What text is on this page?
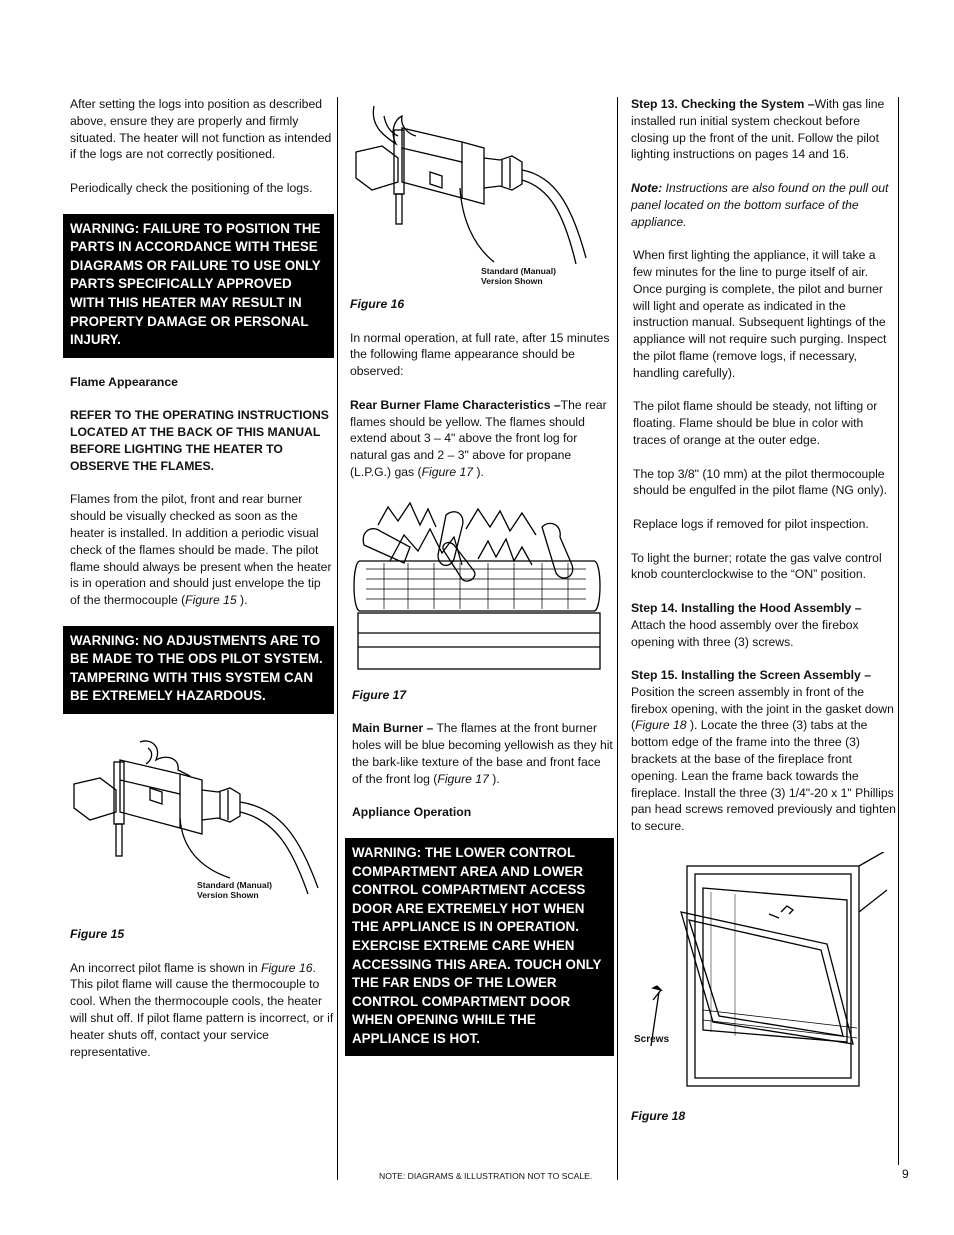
After setting the logs into position as described above, ensure they are properly and firmly situated. The heater will not function as intended if the logs are not correctly positioned.

Periodically check the positioning of the logs.

WARNING: FAILURE TO POSITION THE PARTS IN ACCORDANCE WITH THESE DIAGRAMS OR FAILURE TO USE ONLY PARTS SPECIFICALLY APPROVED WITH THIS HEATER MAY RESULT IN PROPERTY DAMAGE OR PERSONAL INJURY.

Flame Appearance

REFER TO THE OPERATING INSTRUCTIONS LOCATED AT THE BACK OF THIS MANUAL BEFORE LIGHTING THE HEATER TO OBSERVE THE FLAMES.

Flames from the pilot, front and rear burner should be visually checked as soon as the heater is installed. In addition a periodic visual check of the flames should be made. The pilot flame should always be present when the heater is in operation and should just envelope the tip of the thermocouple (Figure 15 ).

WARNING: NO ADJUSTMENTS ARE TO BE MADE TO THE ODS PILOT SYSTEM. TAMPERING WITH THIS SYSTEM CAN BE EXTREMELY HAZARDOUS.
Standard (Manual)
Version Shown

Figure 15

An incorrect pilot flame is shown in Figure 16. This pilot flame will cause the thermocouple to cool. When the thermocouple cools, the heater will shut off. If pilot flame pattern is incorrect, or if heater shuts off, contact your service representative.

Standard (Manual)
Version Shown

Figure 16

In normal operation, at full rate, after 15 minutes the following flame appearance should be observed:

Rear Burner Flame Characteristics –The rear flames should be yellow. The flames should extend about 3 – 4" above the front log for natural gas and 2 – 3" above for propane (L.P.G.) gas (Figure 17 ).

Figure 17

Main Burner – The flames at the front burner holes will be blue becoming yellowish as they hit the bark-like texture of the base and front face of the front log (Figure 17 ).

Appliance Operation

WARNING: THE LOWER CONTROL COMPARTMENT AREA AND LOWER CONTROL COMPARTMENT ACCESS DOOR ARE EXTREMELY HOT WHEN THE APPLIANCE IS IN OPERATION. EXERCISE EXTREME CARE WHEN ACCESSING THIS AREA. TOUCH ONLY THE FAR ENDS OF THE LOWER CONTROL COMPARTMENT DOOR WHEN OPENING WHILE THE APPLIANCE IS HOT.

Step 13. Checking the System –With gas line installed run initial system checkout before closing up the front of the unit. Follow the pilot lighting instructions on pages 14 and 16.

Note: Instructions are also found on the pull out panel located on the bottom surface of the appliance.

When first lighting the appliance, it will take a few minutes for the line to purge itself of air. Once purging is complete, the pilot and burner will light and operate as indicated in the instruction manual. Subsequent lightings of the appliance will not require such purging. Inspect the pilot flame (remove logs, if necessary, handling carefully).

The pilot flame should be steady, not lifting or floating. Flame should be blue in color with traces of orange at the outer edge.

The top 3/8" (10 mm) at the pilot thermocouple should be engulfed in the pilot flame (NG only).

Replace logs if removed for pilot inspection.

To light the burner; rotate the gas valve control knob counterclockwise to the “ON” position.

Step 14. Installing the Hood Assembly –
Attach the hood assembly over the firebox opening with three (3) screws.

Step 15. Installing the Screen Assembly –
Position the screen assembly in front of the firebox opening, with the joint in the gasket down (Figure 18 ). Locate the three (3) tabs at the bottom edge of the frame into the three (3) brackets at the base of the fireplace front opening. Lean the frame back towards the fireplace. Install the three (3) 1/4"-20 x 1" Phillips pan head screws removed previously and tighten to secure.

Screws

Figure 18

NOTE: DIAGRAMS & ILLUSTRATION NOT TO SCALE.	9
